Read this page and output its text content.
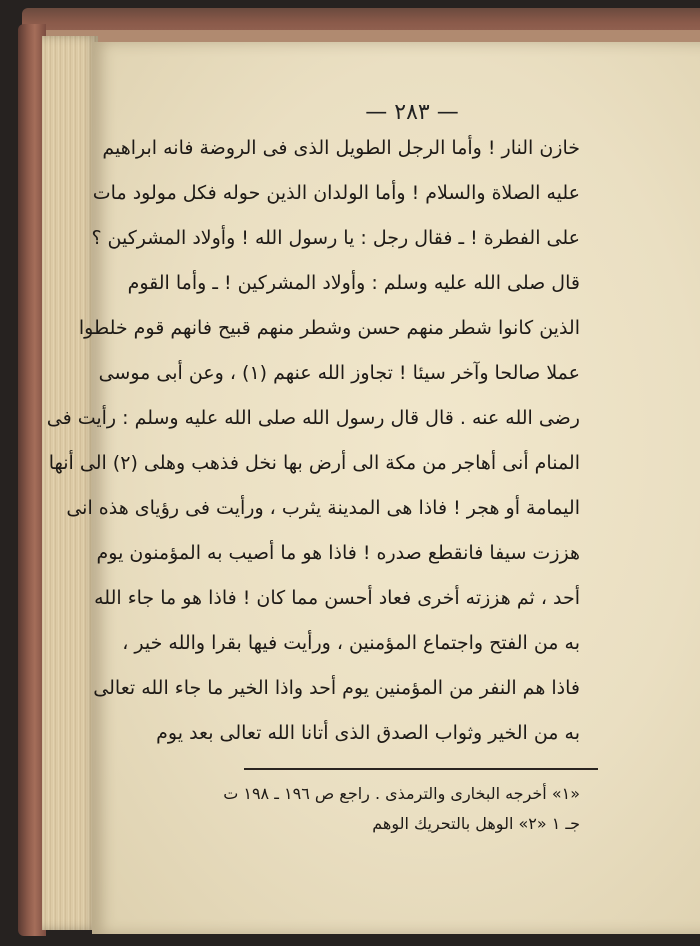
— ٢٨٣ —
خازن النار ! وأما الرجل الطويل الذى فى الروضة فانه ابراهيم
عليه الصلاة والسلام ! وأما الولدان الذين حوله فكل مولود مات
على الفطرة ! ـ فقال رجل : يا رسول الله ! وأولاد المشركين ؟
قال صلى الله عليه وسلم : وأولاد المشركين ! ـ وأما القوم
الذين كانوا شطر منهم حسن وشطر منهم قبيح فانهم قوم خلطوا
عملا صالحا وآخر سيئا ! تجاوز الله عنهم (١) ، وعن أبى موسى
رضى الله عنه . قال قال رسول الله صلى الله عليه وسلم : رأيت فى
المنام أنى أهاجر من مكة الى أرض بها نخل فذهب وهلى (٢) الى أنها
اليمامة أو هجر ! فاذا هى المدينة يثرب ، ورأيت فى رؤياى هذه انى
هززت سيفا فانقطع صدره ! فاذا هو ما أصيب به المؤمنون يوم
أحد ، ثم هززته أخرى فعاد أحسن مما كان ! فاذا هو ما جاء الله
به من الفتح واجتماع المؤمنين ، ورأيت فيها بقرا والله خير ،
فاذا هم النفر من المؤمنين يوم أحد واذا الخير ما جاء الله تعالى
به من الخير وثواب الصدق الذى أتانا الله تعالى بعد يوم
«١» أخرجه البخارى والترمذى . راجع ص ١٩٦ ـ ١٩٨ ت
جـ ١ «٢» الوهل بالتحريك الوهم
